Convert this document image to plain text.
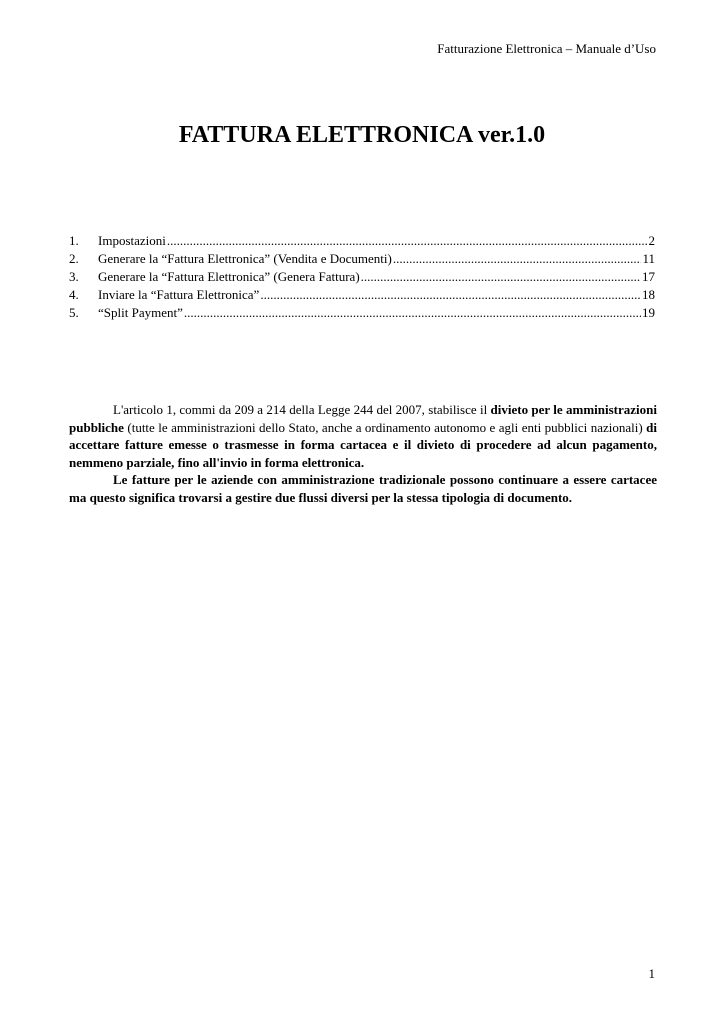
Fatturazione Elettronica – Manuale d’Uso
FATTURA ELETTRONICA ver.1.0
1.	Impostazioni .....	2
2.	Generare la “Fattura Elettronica” (Vendita e Documenti) .....	11
3.	Generare la “Fattura Elettronica” (Genera Fattura) .....	17
4.	Inviare la “Fattura Elettronica” .....	18
5.	“Split Payment” .....	19

L'articolo 1, commi da 209 a 214 della Legge 244 del 2007, stabilisce il divieto per le amministrazioni pubbliche (tutte le amministrazioni dello Stato, anche a ordinamento autonomo e agli enti pubblici nazionali) di accettare fatture emesse o trasmesse in forma cartacea e il divieto di procedere ad alcun pagamento, nemmeno parziale, fino all'invio in forma elettronica.

Le fatture per le aziende con amministrazione tradizionale possono continuare a essere cartacee ma questo significa trovarsi a gestire due flussi diversi per la stessa tipologia di documento.

1
